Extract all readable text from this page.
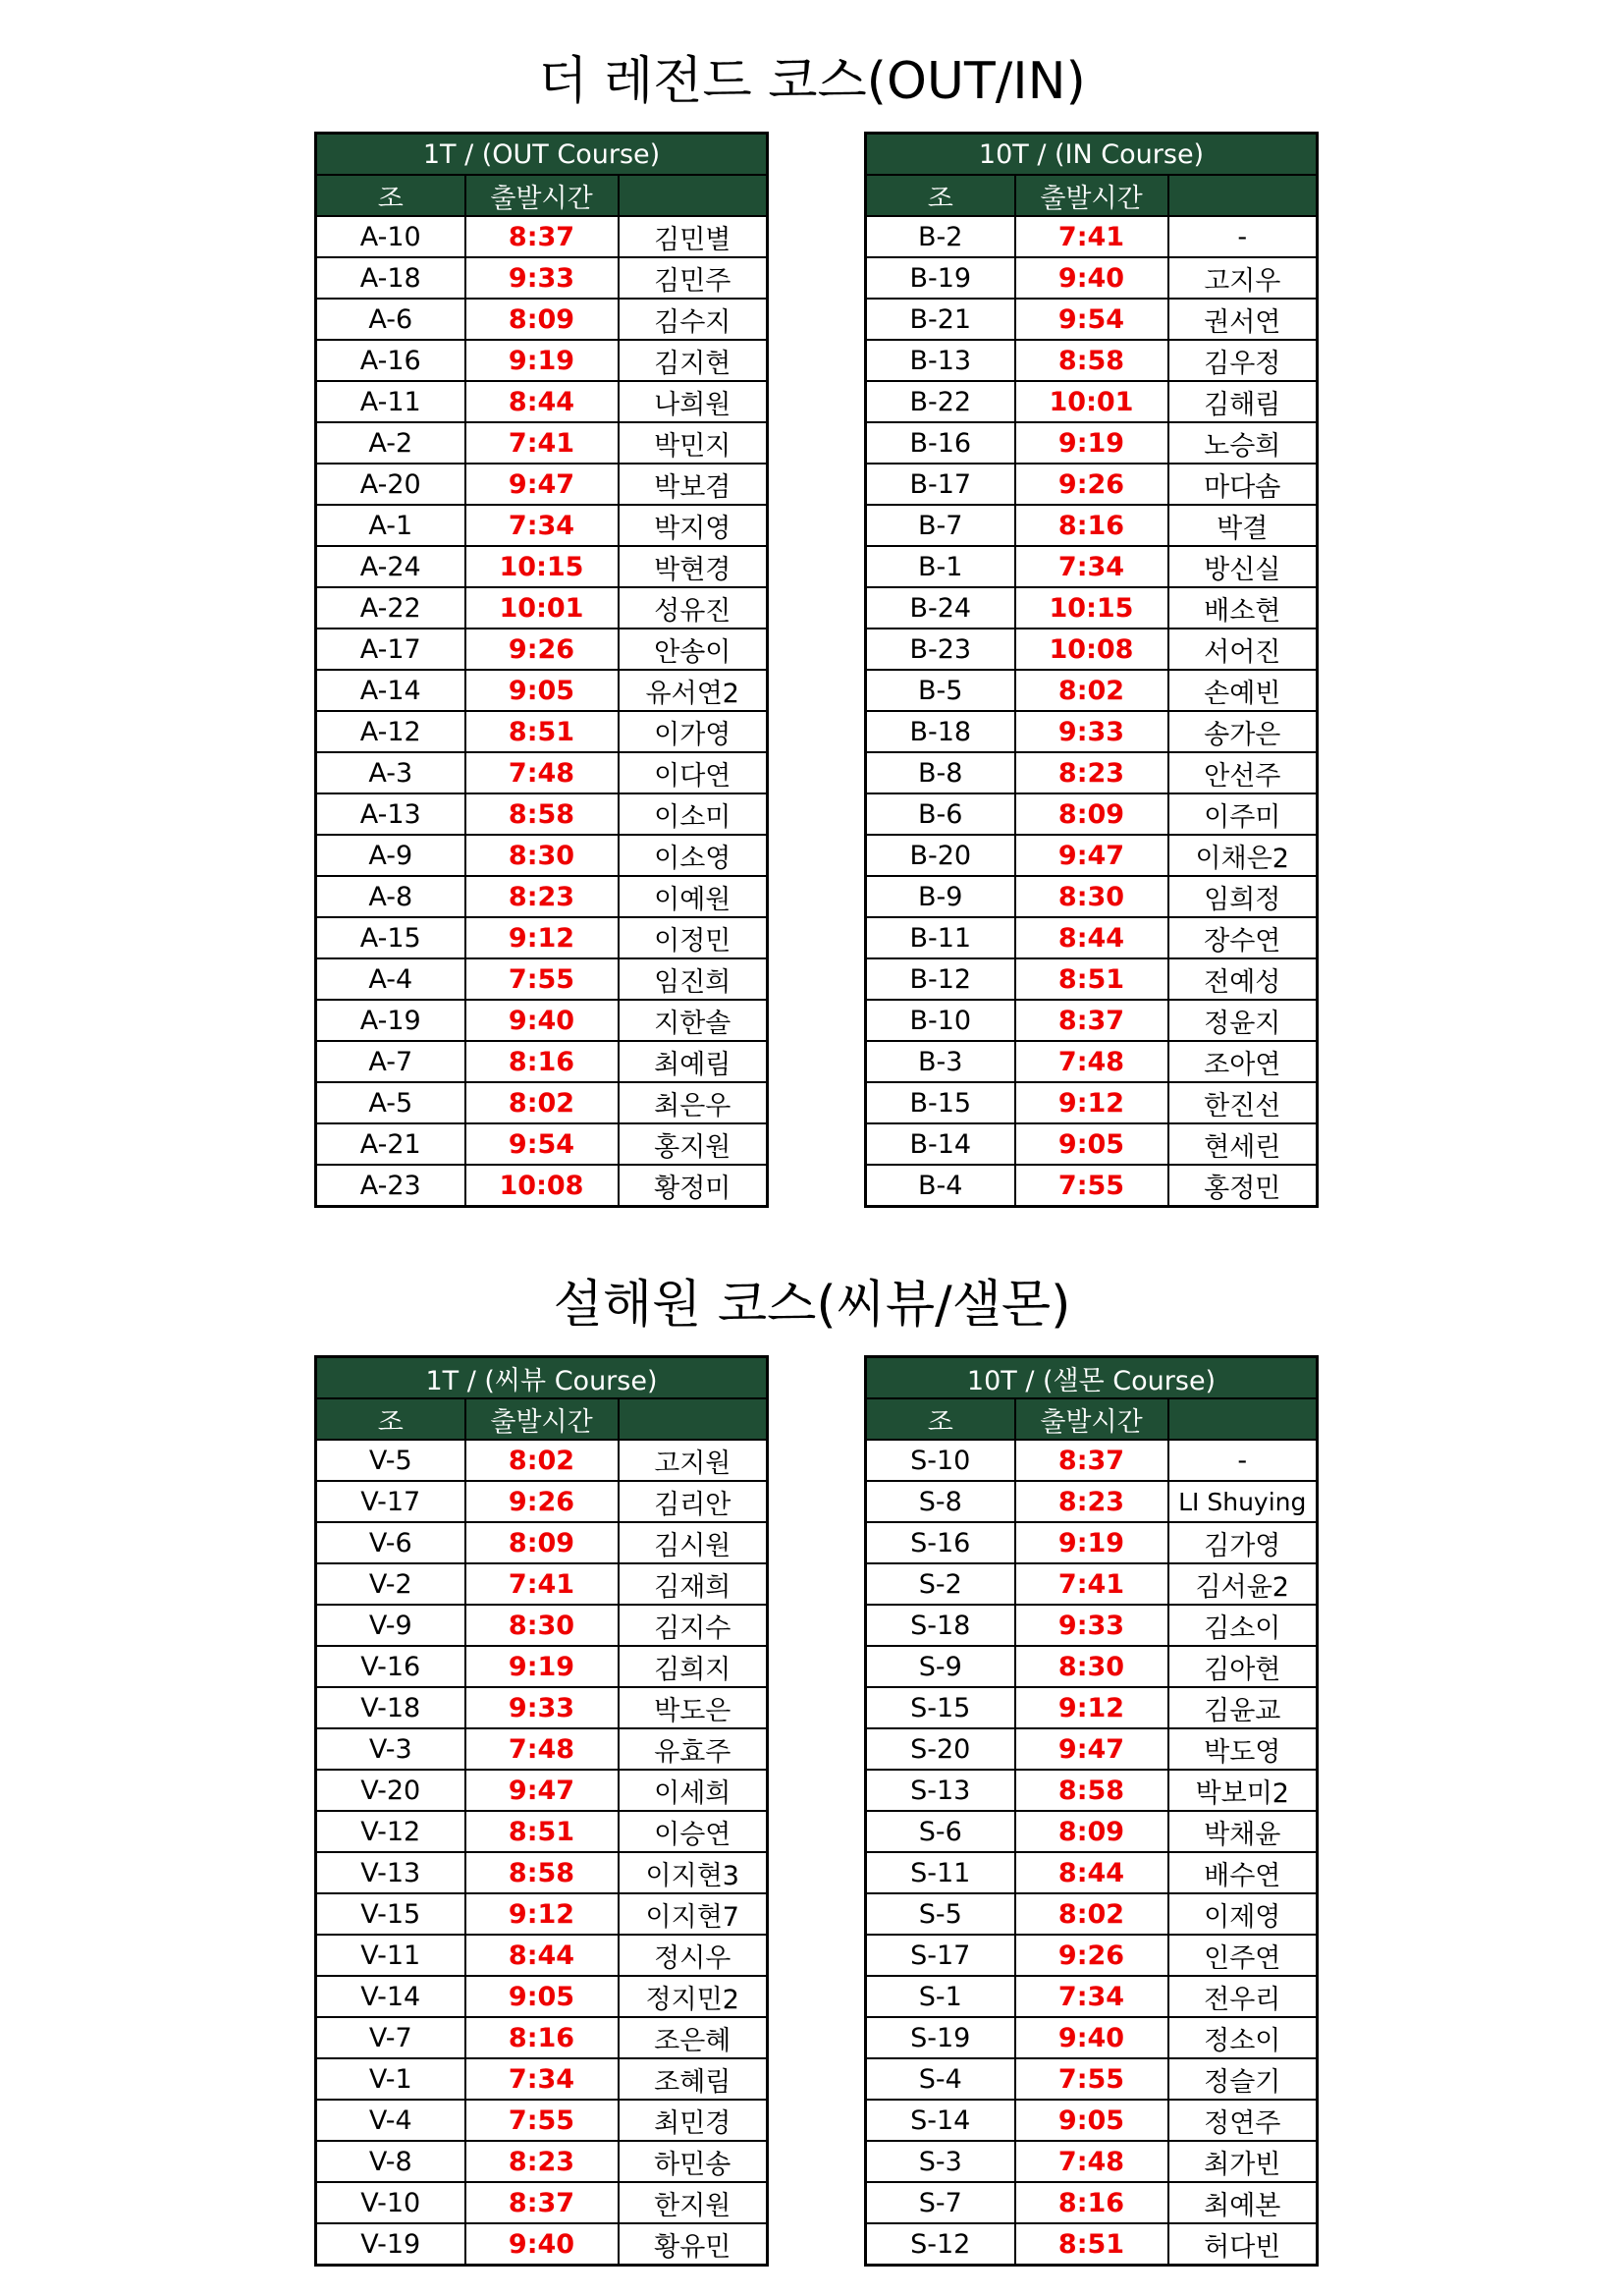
더 레전드 코스(OUT/IN)
1T / (OUT Course)		
조	출발시간	
A-10	8:37	김민별
A-18	9:33	김민주
A-6	8:09	김수지
A-16	9:19	김지현
A-11	8:44	나희원
A-2	7:41	박민지
A-20	9:47	박보겸
A-1	7:34	박지영
A-24	10:15	박현경
A-22	10:01	성유진
A-17	9:26	안송이
A-14	9:05	유서연2
A-12	8:51	이가영
A-3	7:48	이다연
A-13	8:58	이소미
A-9	8:30	이소영
A-8	8:23	이예원
A-15	9:12	이정민
A-4	7:55	임진희
A-19	9:40	지한솔
A-7	8:16	최예림
A-5	8:02	최은우
A-21	9:54	홍지원
A-23	10:08	황정미
10T / (IN Course)		
조	출발시간	
B-2	7:41	-
B-19	9:40	고지우
B-21	9:54	권서연
B-13	8:58	김우정
B-22	10:01	김해림
B-16	9:19	노승희
B-17	9:26	마다솜
B-7	8:16	박결
B-1	7:34	방신실
B-24	10:15	배소현
B-23	10:08	서어진
B-5	8:02	손예빈
B-18	9:33	송가은
B-8	8:23	안선주
B-6	8:09	이주미
B-20	9:47	이채은2
B-9	8:30	임희정
B-11	8:44	장수연
B-12	8:51	전예성
B-10	8:37	정윤지
B-3	7:48	조아연
B-15	9:12	한진선
B-14	9:05	현세린
B-4	7:55	홍정민
설해원 코스(씨뷰/샐몬)
1T / (씨뷰 Course)		
조	출발시간	
V-5	8:02	고지원
V-17	9:26	김리안
V-6	8:09	김시원
V-2	7:41	김재희
V-9	8:30	김지수
V-16	9:19	김희지
V-18	9:33	박도은
V-3	7:48	유효주
V-20	9:47	이세희
V-12	8:51	이승연
V-13	8:58	이지현3
V-15	9:12	이지현7
V-11	8:44	정시우
V-14	9:05	정지민2
V-7	8:16	조은혜
V-1	7:34	조혜림
V-4	7:55	최민경
V-8	8:23	하민송
V-10	8:37	한지원
V-19	9:40	황유민
10T / (샐몬 Course)		
조	출발시간	
S-10	8:37	-
S-8	8:23	LI Shuying
S-16	9:19	김가영
S-2	7:41	김서윤2
S-18	9:33	김소이
S-9	8:30	김아현
S-15	9:12	김윤교
S-20	9:47	박도영
S-13	8:58	박보미2
S-6	8:09	박채윤
S-11	8:44	배수연
S-5	8:02	이제영
S-17	9:26	인주연
S-1	7:34	전우리
S-19	9:40	정소이
S-4	7:55	정슬기
S-14	9:05	정연주
S-3	7:48	최가빈
S-7	8:16	최예본
S-12	8:51	허다빈
